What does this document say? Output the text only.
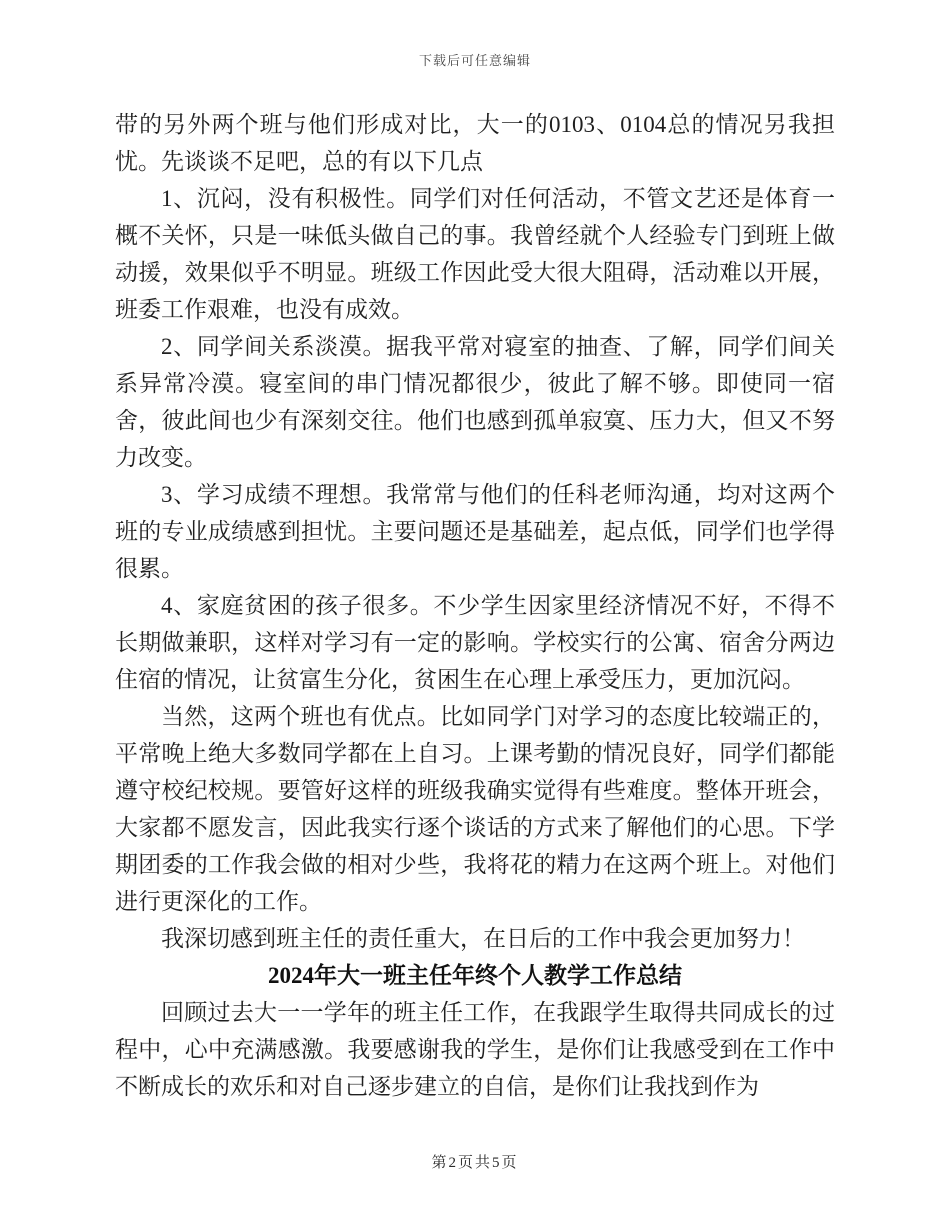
下载后可任意编辑

带的另外两个班与他们形成对比，大一的0103、0104总的情况另我担忧。先谈谈不足吧，总的有以下几点

1、沉闷，没有积极性。同学们对任何活动，不管文艺还是体育一概不关怀，只是一味低头做自己的事。我曾经就个人经验专门到班上做动援，效果似乎不明显。班级工作因此受大很大阻碍，活动难以开展，班委工作艰难，也没有成效。

2、同学间关系淡漠。据我平常对寝室的抽查、了解，同学们间关系异常冷漠。寝室间的串门情况都很少，彼此了解不够。即使同一宿舍，彼此间也少有深刻交往。他们也感到孤单寂寞、压力大，但又不努力改变。

3、学习成绩不理想。我常常与他们的任科老师沟通，均对这两个班的专业成绩感到担忧。主要问题还是基础差，起点低，同学们也学得很累。

4、家庭贫困的孩子很多。不少学生因家里经济情况不好，不得不长期做兼职，这样对学习有一定的影响。学校实行的公寓、宿舍分两边住宿的情况，让贫富生分化，贫困生在心理上承受压力，更加沉闷。

当然，这两个班也有优点。比如同学门对学习的态度比较端正的，平常晚上绝大多数同学都在上自习。上课考勤的情况良好，同学们都能遵守校纪校规。要管好这样的班级我确实觉得有些难度。整体开班会，大家都不愿发言，因此我实行逐个谈话的方式来了解他们的心思。下学期团委的工作我会做的相对少些，我将花的精力在这两个班上。对他们进行更深化的工作。

我深切感到班主任的责任重大，在日后的工作中我会更加努力！

2024年大一班主任年终个人教学工作总结

回顾过去大一一学年的班主任工作，在我跟学生取得共同成长的过程中，心中充满感激。我要感谢我的学生，是你们让我感受到在工作中不断成长的欢乐和对自己逐步建立的自信，是你们让我找到作为

第2页共5页
